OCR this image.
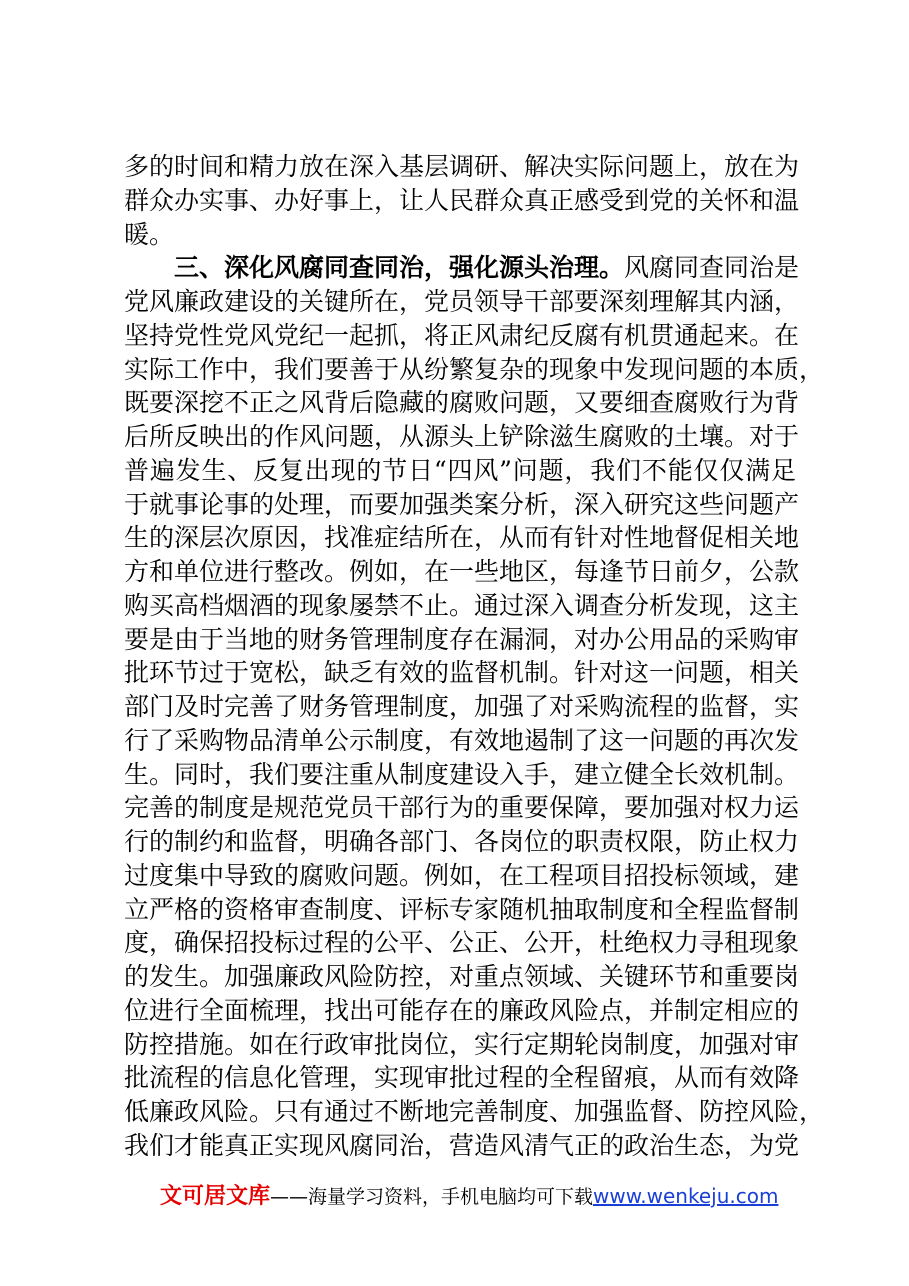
多的时间和精力放在深入基层调研、解决实际问题上，放在为
群众办实事、办好事上，让人民群众真正感受到党的关怀和温
暖。
三、深化风腐同查同治，强化源头治理。风腐同查同治是
党风廉政建设的关键所在，党员领导干部要深刻理解其内涵，
坚持党性党风党纪一起抓，将正风肃纪反腐有机贯通起来。在
实际工作中，我们要善于从纷繁复杂的现象中发现问题的本质，
既要深挖不正之风背后隐藏的腐败问题，又要细查腐败行为背
后所反映出的作风问题，从源头上铲除滋生腐败的土壤。对于
普遍发生、反复出现的节日“四风”问题，我们不能仅仅满足
于就事论事的处理，而要加强类案分析，深入研究这些问题产
生的深层次原因，找准症结所在，从而有针对性地督促相关地
方和单位进行整改。例如，在一些地区，每逢节日前夕，公款
购买高档烟酒的现象屡禁不止。通过深入调查分析发现，这主
要是由于当地的财务管理制度存在漏洞，对办公用品的采购审
批环节过于宽松，缺乏有效的监督机制。针对这一问题，相关
部门及时完善了财务管理制度，加强了对采购流程的监督，实
行了采购物品清单公示制度，有效地遏制了这一问题的再次发
生。同时，我们要注重从制度建设入手，建立健全长效机制。
完善的制度是规范党员干部行为的重要保障，要加强对权力运
行的制约和监督，明确各部门、各岗位的职责权限，防止权力
过度集中导致的腐败问题。例如，在工程项目招投标领域，建
立严格的资格审查制度、评标专家随机抽取制度和全程监督制
度，确保招投标过程的公平、公正、公开，杜绝权力寻租现象
的发生。加强廉政风险防控，对重点领域、关键环节和重要岗
位进行全面梳理，找出可能存在的廉政风险点，并制定相应的
防控措施。如在行政审批岗位，实行定期轮岗制度，加强对审
批流程的信息化管理，实现审批过程的全程留痕，从而有效降
低廉政风险。只有通过不断地完善制度、加强监督、防控风险，
我们才能真正实现风腐同治，营造风清气正的政治生态，为党
文可居文库——海量学习资料，手机电脑均可下载www.wenkeju.com
